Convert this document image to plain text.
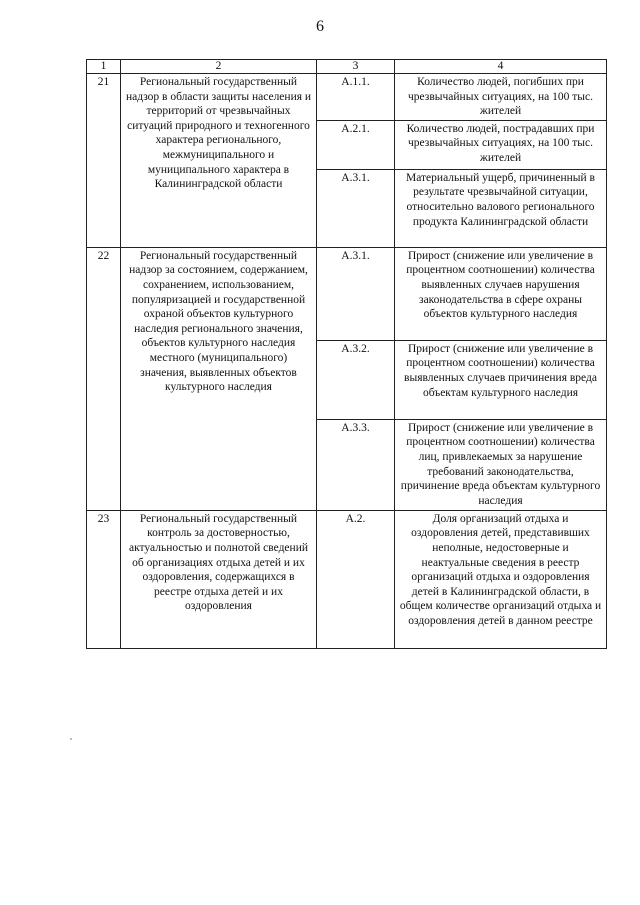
6
1	2	3	4
21	Региональный государственный надзор в области защиты населения и территорий от чрезвычайных ситуаций природного и техногенного характера регионального, межмуниципального и муниципального характера в Калининградской области	А.1.1.	Количество людей, погибших при чрезвычайных ситуациях, на 100 тыс. жителей
		А.2.1.	Количество людей, пострадавших при чрезвычайных ситуациях, на 100 тыс. жителей
		А.3.1.	Материальный ущерб, причиненный в результате чрезвычайной ситуации, относительно валового регионального продукта Калининградской области
22	Региональный государственный надзор за состоянием, содержанием, сохранением, использованием, популяризацией и государственной охраной объектов культурного наследия регионального значения, объектов культурного наследия местного (муниципального) значения, выявленных объектов культурного наследия	А.3.1.	Прирост (снижение или увеличение в процентном соотношении) количества выявленных случаев нарушения законодательства в сфере охраны объектов культурного наследия
		А.3.2.	Прирост (снижение или увеличение в процентном соотношении) количества выявленных случаев причинения вреда объектам культурного наследия
		А.3.3.	Прирост (снижение или увеличение в процентном соотношении) количества лиц, привлекаемых за нарушение требований законодательства, причинение вреда объектам культурного наследия
23	Региональный государственный контроль за достоверностью, актуальностью и полнотой сведений об организациях отдыха детей и их оздоровления, содержащихся в реестре отдыха детей и их оздоровления	А.2.	Доля организаций отдыха и оздоровления детей, представивших неполные, недостоверные и неактуальные сведения в реестр организаций отдыха и оздоровления детей в Калининградской области, в общем количестве организаций отдыха и оздоровления детей в данном реестре
